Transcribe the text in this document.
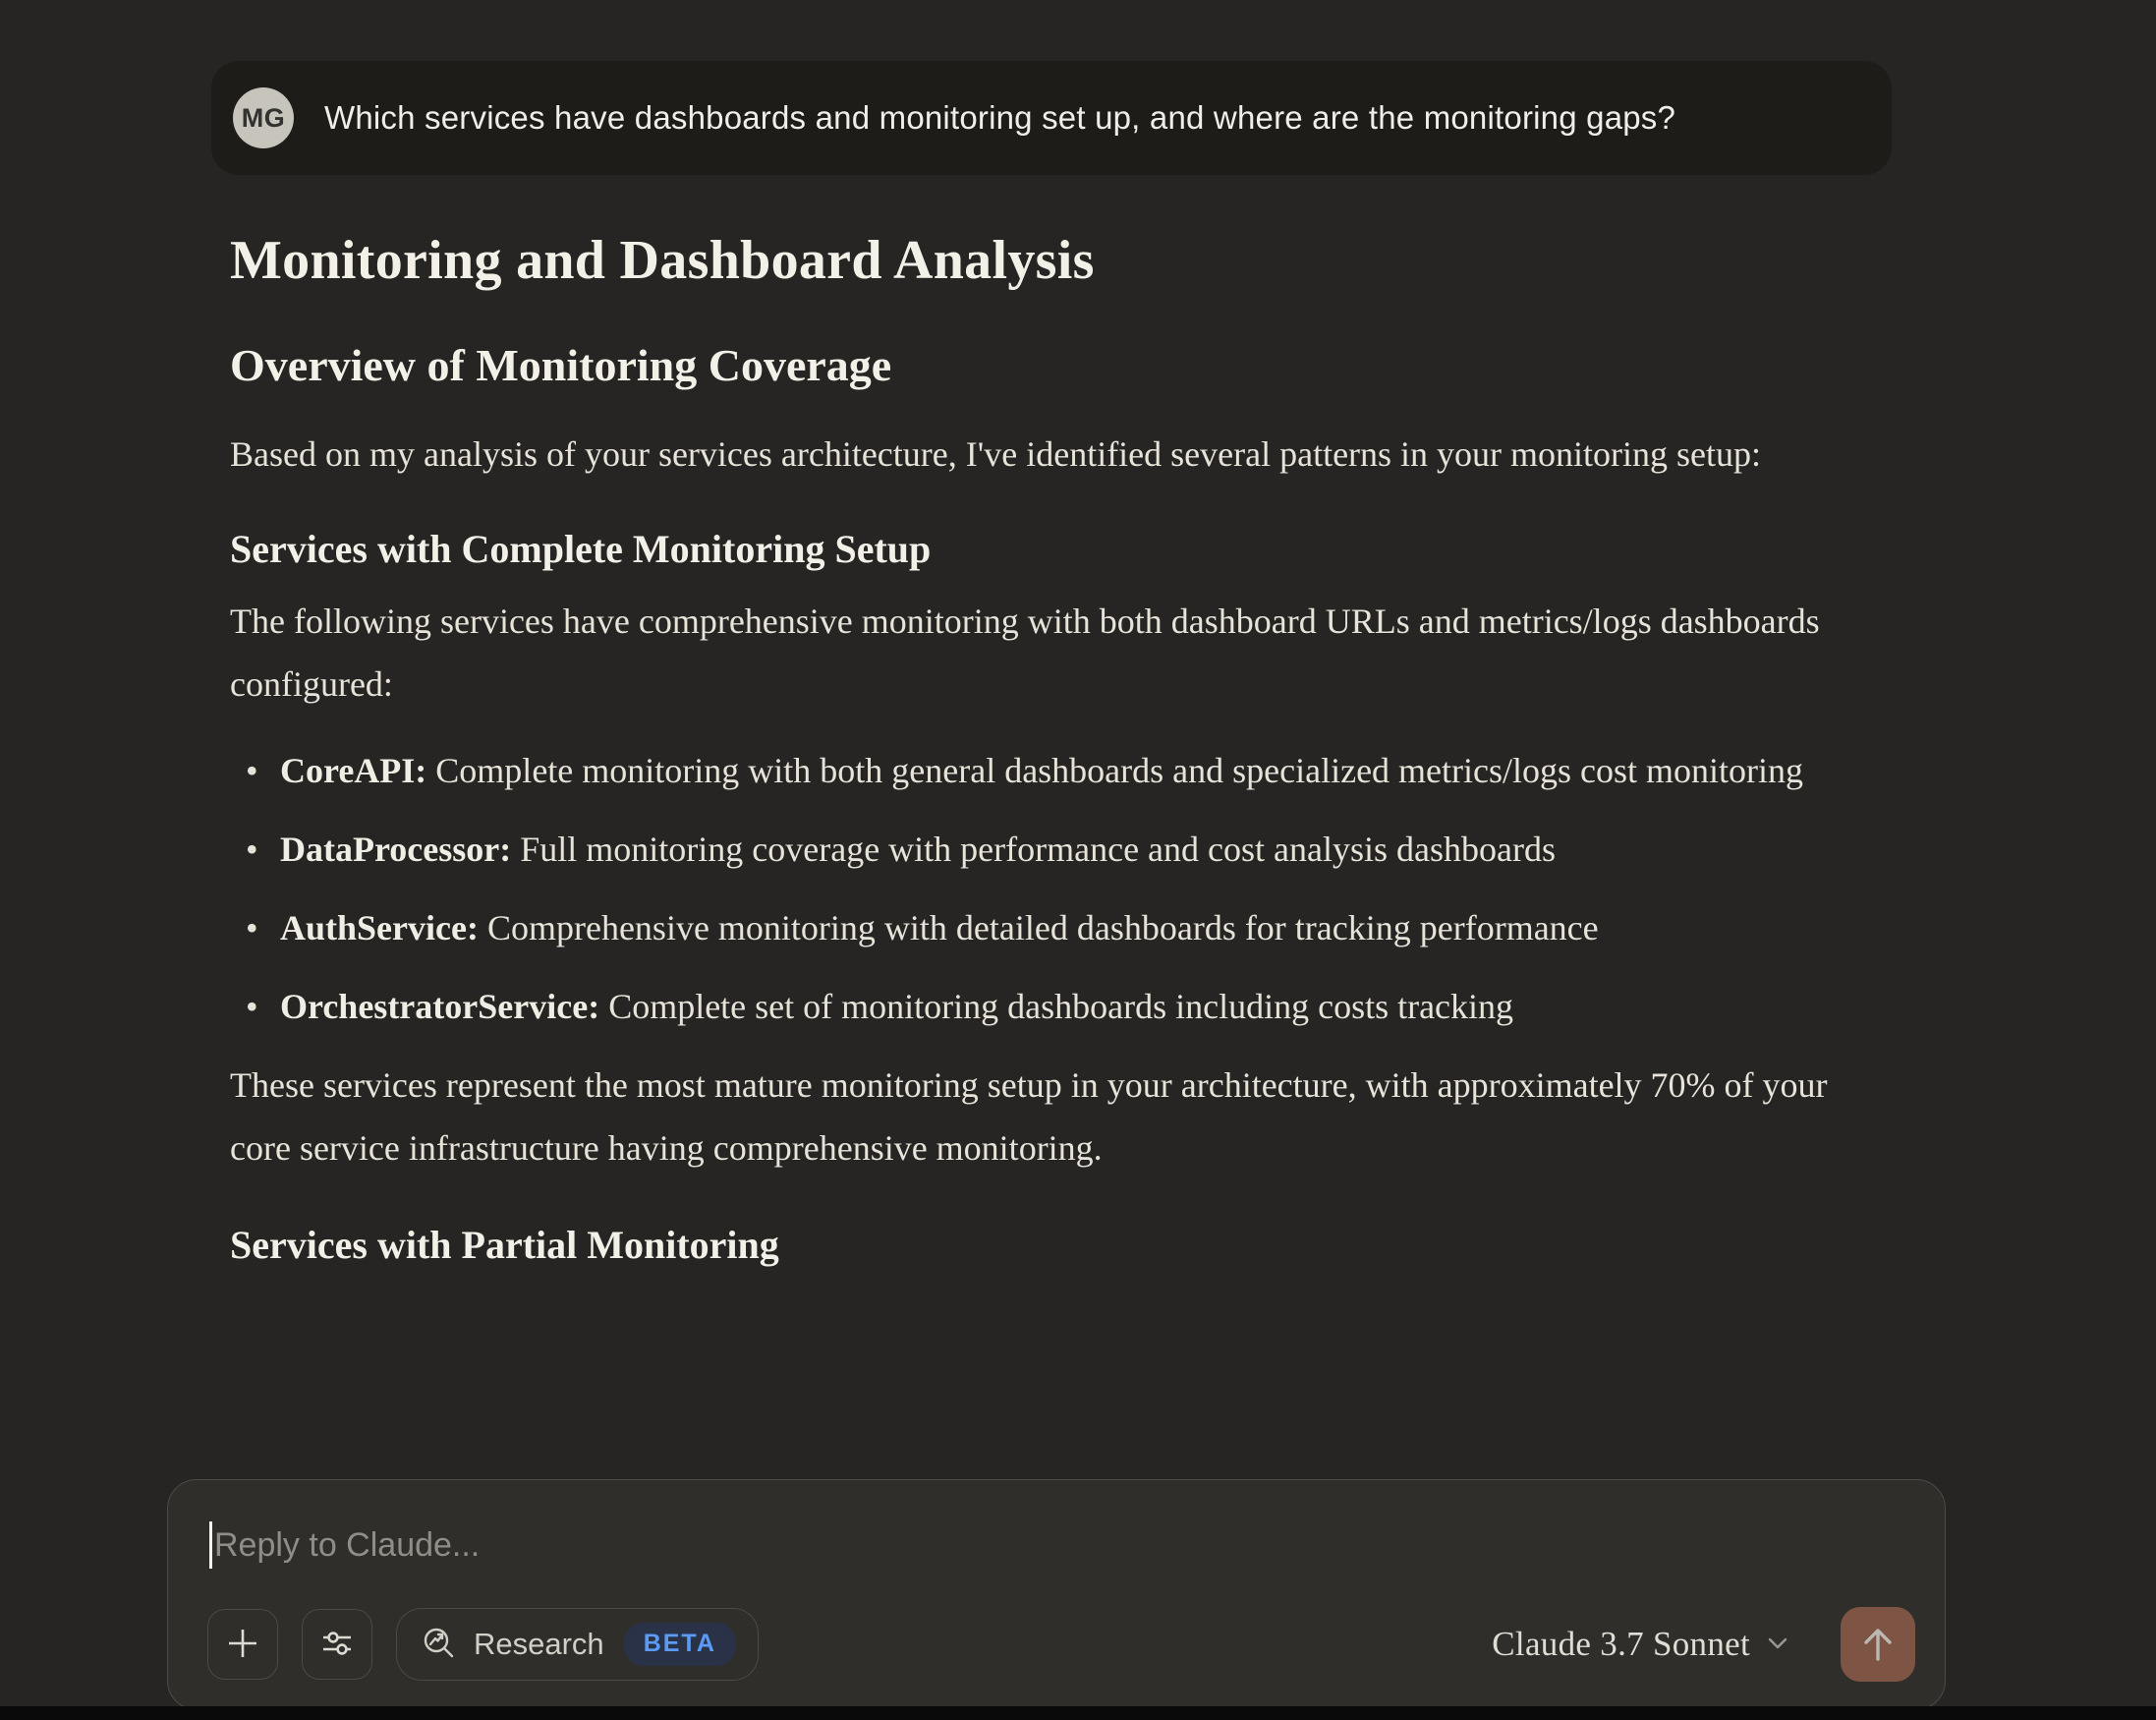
MG Which services have dashboards and monitoring set up, and where are the monitoring gaps?
Monitoring and Dashboard Analysis
Overview of Monitoring Coverage

Based on my analysis of your services architecture, I've identified several patterns in your monitoring setup:

Services with Complete Monitoring Setup

The following services have comprehensive monitoring with both dashboard URLs and metrics/logs dashboards configured:

• CoreAPI: Complete monitoring with both general dashboards and specialized metrics/logs cost monitoring
• DataProcessor: Full monitoring coverage with performance and cost analysis dashboards
• AuthService: Comprehensive monitoring with detailed dashboards for tracking performance
• OrchestratorService: Complete set of monitoring dashboards including costs tracking

These services represent the most mature monitoring setup in your architecture, with approximately 70% of your core service infrastructure having comprehensive monitoring.

Services with Partial Monitoring
Reply to Claude...
Research	BETA	Claude 3.7 Sonnet
